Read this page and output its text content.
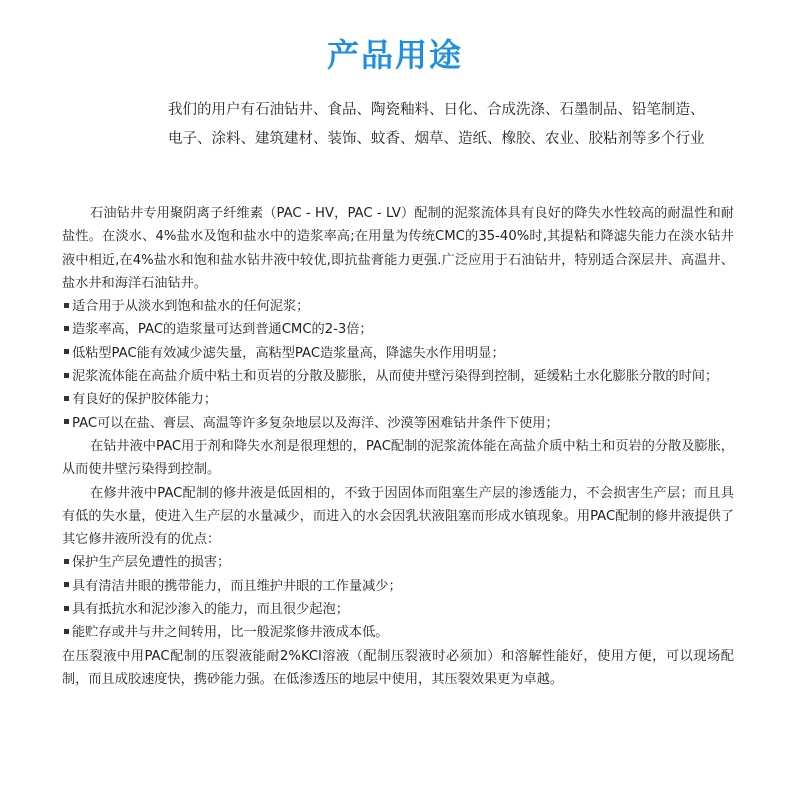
产品用途
我们的用户有石油钻井、食品、陶瓷釉料、日化、合成洗涤、石墨制品、铅笔制造、电子、涂料、建筑建材、装饰、蚊香、烟草、造纸、橡胶、农业、胶粘剂等多个行业

石油钻井专用聚阴离子纤维素（PAC - HV，PAC - LV）配制的泥浆流体具有良好的降失水性较高的耐温性和耐盐性。在淡水、4%盐水及饱和盐水中的造浆率高;在用量为传统CMC的35-40%时,其提粘和降滤失能力在淡水钻井液中相近,在4%盐水和饱和盐水钻井液中较优,即抗盐膏能力更强.广泛应用于石油钻井，特别适合深层井、高温井、盐水井和海洋石油钻井。

适合用于从淡水到饱和盐水的任何泥浆；

造浆率高，PAC的造浆量可达到普通CMC的2-3倍；

低粘型PAC能有效减少滤失量，高粘型PAC造浆量高，降滤失水作用明显；

泥浆流体能在高盐介质中粘土和页岩的分散及膨胀，从而使井壁污染得到控制，延缓粘土水化膨胀分散的时间；

有良好的保护胶体能力；

PAC可以在盐、膏层、高温等许多复杂地层以及海洋、沙漠等困难钻井条件下使用；

在钻井液中PAC用于剂和降失水剂是很理想的，PAC配制的泥浆流体能在高盐介质中粘土和页岩的分散及膨胀，从而使井壁污染得到控制。

在修井液中PAC配制的修井液是低固相的，不致于因固体而阻塞生产层的渗透能力，不会损害生产层；而且具有低的失水量，使进入生产层的水量减少，而进入的水会因乳状液阻塞而形成水镇现象。用PAC配制的修井液提供了其它修井液所没有的优点：

保护生产层免遭性的损害；

具有清洁井眼的携带能力，而且维护井眼的工作量减少；

具有抵抗水和泥沙渗入的能力，而且很少起泡；

能贮存或井与井之间转用，比一般泥浆修井液成本低。

在压裂液中用PAC配制的压裂液能耐2%KCl溶液（配制压裂液时必须加）和溶解性能好，使用方便，可以现场配制，而且成胶速度快，携砂能力强。在低渗透压的地层中使用，其压裂效果更为卓越。
